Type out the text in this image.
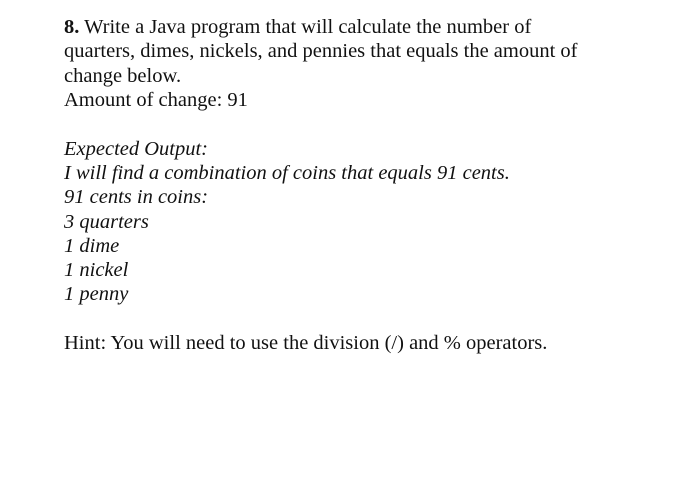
8. Write a Java program that will calculate the number of
quarters, dimes, nickels, and pennies that equals the amount of
change below.
Amount of change: 91
Expected Output:
I will find a combination of coins that equals 91 cents.
91 cents in coins:
3 quarters
1 dime
1 nickel
1 penny
Hint: You will need to use the division (/) and % operators.
